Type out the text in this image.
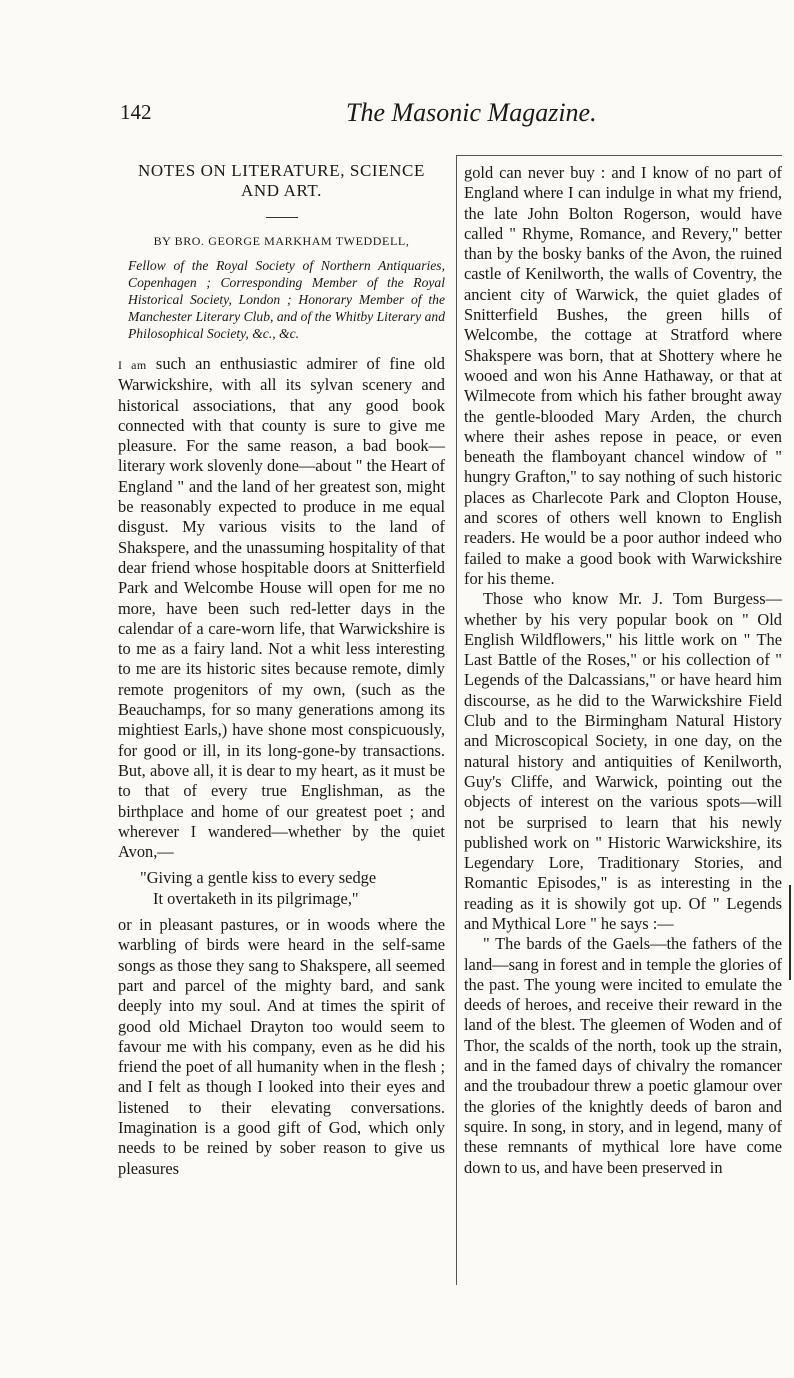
142	The Masonic Magazine.

NOTES ON LITERATURE, SCIENCE
AND ART.

BY BRO. GEORGE MARKHAM TWEDDELL,

Fellow of the Royal Society of Northern Antiquaries, Copenhagen ; Corresponding Member of the Royal Historical Society, London ; Honorary Member of the Manchester Literary Club, and of the Whitby Literary and Philosophical Society, &c., &c.

I am such an enthusiastic admirer of fine old Warwickshire, with all its sylvan scenery and historical associations, that any good book connected with that county is sure to give me pleasure. For the same reason, a bad book—literary work slovenly done—about " the Heart of England " and the land of her greatest son, might be reasonably expected to produce in me equal disgust. My various visits to the land of Shakspere, and the unassuming hospitality of that dear friend whose hospitable doors at Snitterfield Park and Welcombe House will open for me no more, have been such red-letter days in the calendar of a care-worn life, that Warwickshire is to me as a fairy land. Not a whit less interesting to me are its historic sites because remote, dimly remote progenitors of my own, (such as the Beauchamps, for so many generations among its mightiest Earls,) have shone most conspicuously, for good or ill, in its long-gone-by transactions. But, above all, it is dear to my heart, as it must be to that of every true Englishman, as the birthplace and home of our greatest poet ; and wherever I wandered—whether by the quiet Avon,—

"Giving a gentle kiss to every sedge

It overtaketh in its pilgrimage,"

or in pleasant pastures, or in woods where the warbling of birds were heard in the self-same songs as those they sang to Shakspere, all seemed part and parcel of the mighty bard, and sank deeply into my soul. And at times the spirit of good old Michael Drayton too would seem to favour me with his company, even as he did his friend the poet of all humanity when in the flesh ; and I felt as though I looked into their eyes and listened to their elevating conversations. Imagination is a good gift of God, which only needs to be reined by sober reason to give us pleasures

gold can never buy : and I know of no part of England where I can indulge in what my friend, the late John Bolton Rogerson, would have called " Rhyme, Romance, and Revery," better than by the bosky banks of the Avon, the ruined castle of Kenilworth, the walls of Coventry, the ancient city of Warwick, the quiet glades of Snitterfield Bushes, the green hills of Welcombe, the cottage at Stratford where Shakspere was born, that at Shottery where he wooed and won his Anne Hathaway, or that at Wilmecote from which his father brought away the gentle-blooded Mary Arden, the church where their ashes repose in peace, or even beneath the flamboyant chancel window of " hungry Grafton," to say nothing of such historic places as Charlecote Park and Clopton House, and scores of others well known to English readers. He would be a poor author indeed who failed to make a good book with Warwickshire for his theme.

Those who know Mr. J. Tom Burgess—whether by his very popular book on " Old English Wildflowers," his little work on " The Last Battle of the Roses," or his collection of " Legends of the Dalcassians," or have heard him discourse, as he did to the Warwickshire Field Club and to the Birmingham Natural History and Microscopical Society, in one day, on the natural history and antiquities of Kenilworth, Guy's Cliffe, and Warwick, pointing out the objects of interest on the various spots—will not be surprised to learn that his newly published work on " Historic Warwickshire, its Legendary Lore, Traditionary Stories, and Romantic Episodes," is as interesting in the reading as it is showily got up. Of " Legends and Mythical Lore " he says :—

" The bards of the Gaels—the fathers of the land—sang in forest and in temple the glories of the past. The young were incited to emulate the deeds of heroes, and receive their reward in the land of the blest. The gleemen of Woden and of Thor, the scalds of the north, took up the strain, and in the famed days of chivalry the romancer and the troubadour threw a poetic glamour over the glories of the knightly deeds of baron and squire. In song, in story, and in legend, many of these remnants of mythical lore have come down to us, and have been preserved in
